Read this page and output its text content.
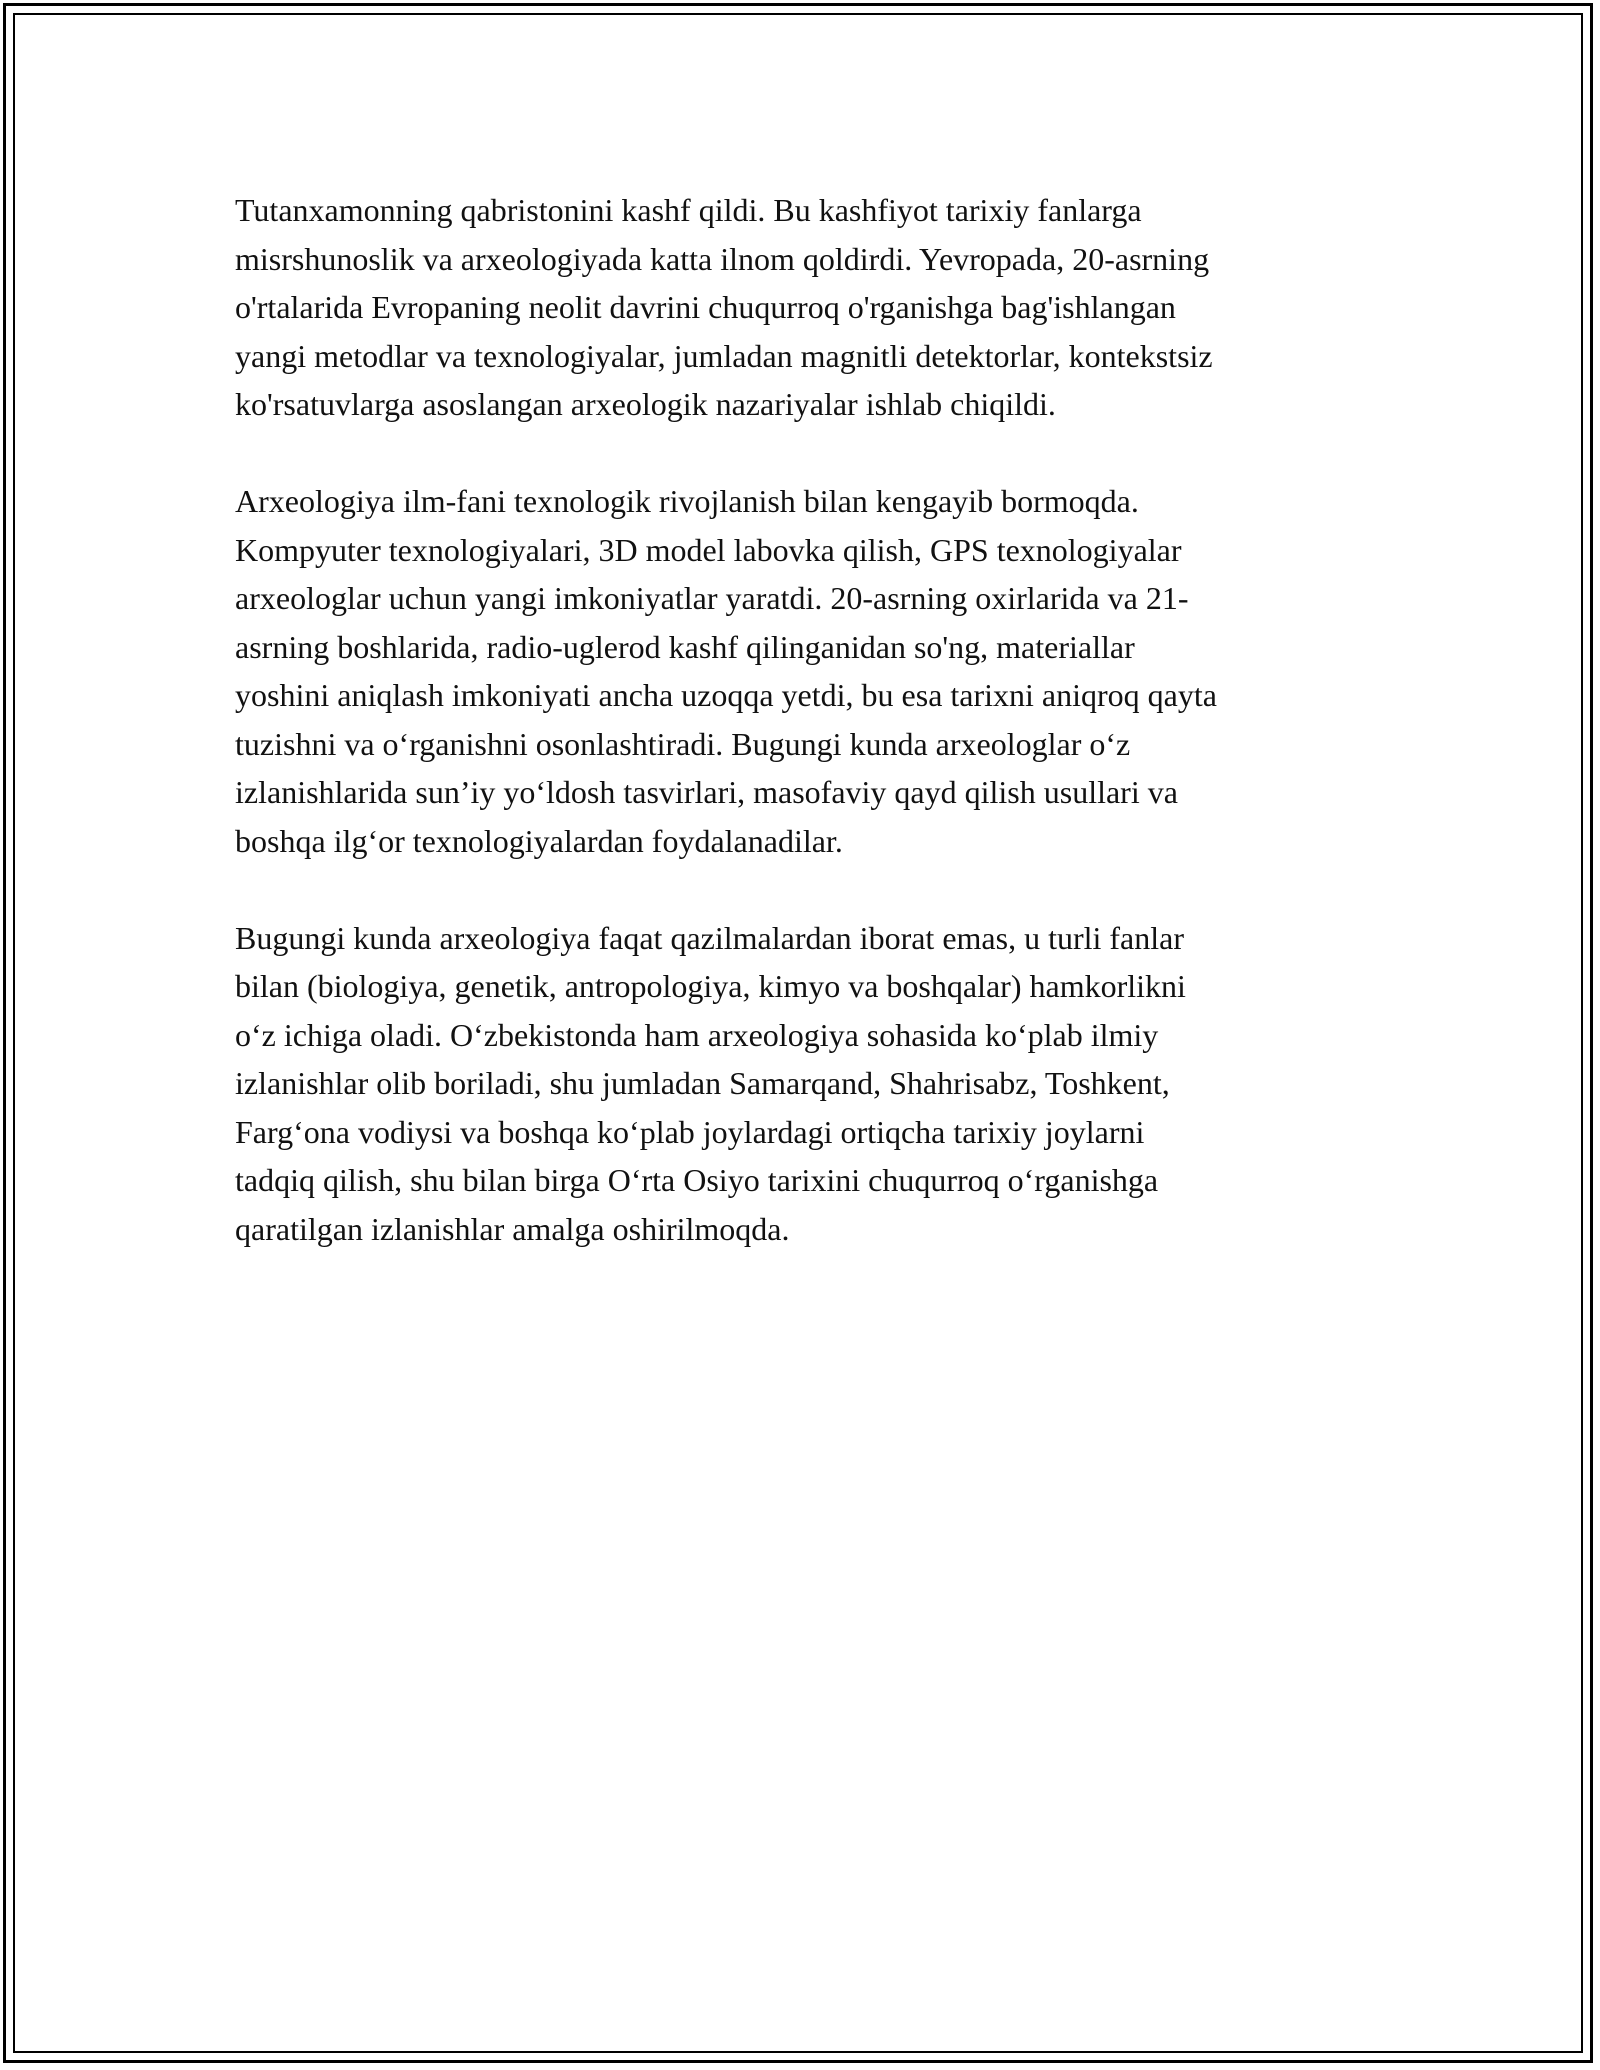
Tutanxamonning qabristonini kashf qildi. Bu kashfiyot tarixiy fanlarga
misrshunoslik va arxeologiyada katta ilnom qoldirdi. Yevropada, 20-asrning
o'rtalarida Evropaning neolit davrini chuqurroq o'rganishga bag'ishlangan
yangi metodlar va texnologiyalar, jumladan magnitli detektorlar, kontekstsiz
ko'rsatuvlarga asoslangan arxeologik nazariyalar ishlab chiqildi.

Arxeologiya ilm-fani texnologik rivojlanish bilan kengayib bormoqda.
Kompyuter texnologiyalari, 3D model labovka qilish, GPS texnologiyalar
arxeologlar uchun yangi imkoniyatlar yaratdi. 20-asrning oxirlarida va 21-
asrning boshlarida, radio-uglerod kashf qilinganidan so'ng, materiallar
yoshini aniqlash imkoniyati ancha uzoqqa yetdi, bu esa tarixni aniqroq qayta
tuzishni va o‘rganishni osonlashtiradi. Bugungi kunda arxeologlar o‘z
izlanishlarida sun’iy yo‘ldosh tasvirlari, masofaviy qayd qilish usullari va
boshqa ilg‘or texnologiyalardan foydalanadilar.

Bugungi kunda arxeologiya faqat qazilmalardan iborat emas, u turli fanlar
bilan (biologiya, genetik, antropologiya, kimyo va boshqalar) hamkorlikni
o‘z ichiga oladi. O‘zbekistonda ham arxeologiya sohasida ko‘plab ilmiy
izlanishlar olib boriladi, shu jumladan Samarqand, Shahrisabz, Toshkent,
Farg‘ona vodiysi va boshqa ko‘plab joylardagi ortiqcha tarixiy joylarni
tadqiq qilish, shu bilan birga O‘rta Osiyo tarixini chuqurroq o‘rganishga
qaratilgan izlanishlar amalga oshirilmoqda.
